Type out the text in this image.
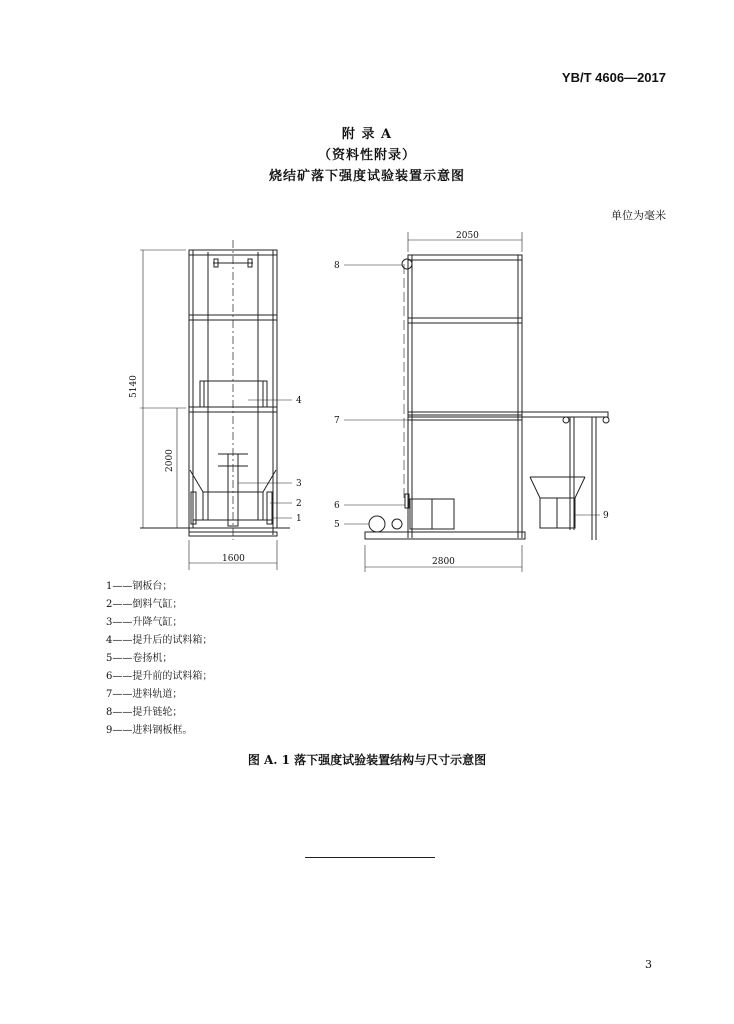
YB/T 4606—2017
附 录 A
（资料性附录）
烧结矿落下强度试验装置示意图
单位为毫米
5140
2000
1600
2050
2800
1
2
3
4
5
6
7
8
9
1——钢板台；
2——倒料气缸；
3——升降气缸；
4——提升后的试料箱；
5——卷扬机；
6——提升前的试料箱；
7——进料轨道；
8——提升链轮；
9——进料钢板框。
图 A. 1 落下强度试验装置结构与尺寸示意图
3
